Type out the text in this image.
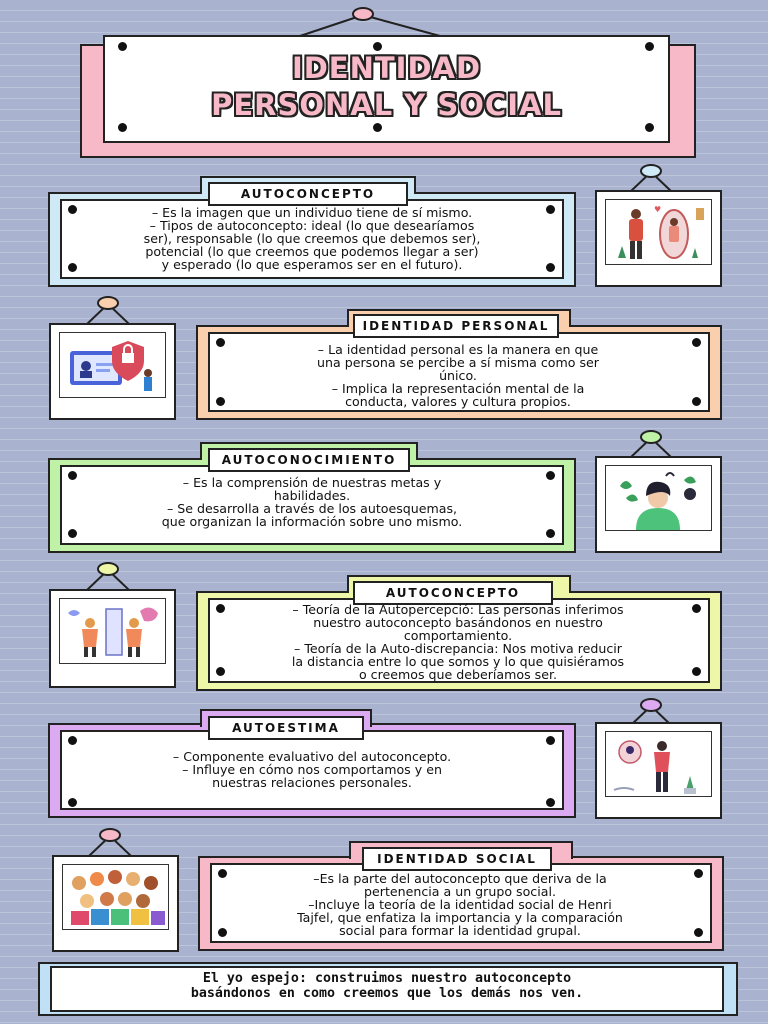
IDENTIDAD
PERSONAL Y SOCIAL
AUTOCONCEPTO
– Es la imagen que un individuo tiene de sí mismo.
– Tipos de autoconcepto: ideal (lo que desearíamos
ser), responsable (lo que creemos que debemos ser),
potencial (lo que creemos que podemos llegar a ser)
y esperado (lo que esperamos ser en el futuro).
♥
IDENTIDAD PERSONAL
– La identidad personal es la manera en que
una persona se percibe a sí misma como ser
único.
– Implica la representación mental de la
conducta, valores y cultura propios.
AUTOCONOCIMIENTO
– Es la comprensión de nuestras metas y
habilidades.
– Se desarrolla a través de los autoesquemas,
que organizan la información sobre uno mismo.
AUTOCONCEPTO
– Teoría de la Autopercepció: Las personas inferimos
nuestro autoconcepto basándonos en nuestro
comportamiento.
– Teoría de la Auto-discrepancia: Nos motiva reducir
la distancia entre lo que somos y lo que quisiéramos
o creemos que deberíamos ser.
AUTOESTIMA
– Componente evaluativo del autoconcepto.
– Influye en cómo nos comportamos y en
nuestras relaciones personales.
IDENTIDAD SOCIAL
–Es la parte del autoconcepto que deriva de la
pertenencia a un grupo social.
–Incluye la teoría de la identidad social de Henri
Tajfel, que enfatiza la importancia y la comparación
social para formar la identidad grupal.
El yo espejo: construimos nuestro autoconcepto
basándonos en como creemos que los demás nos ven.
